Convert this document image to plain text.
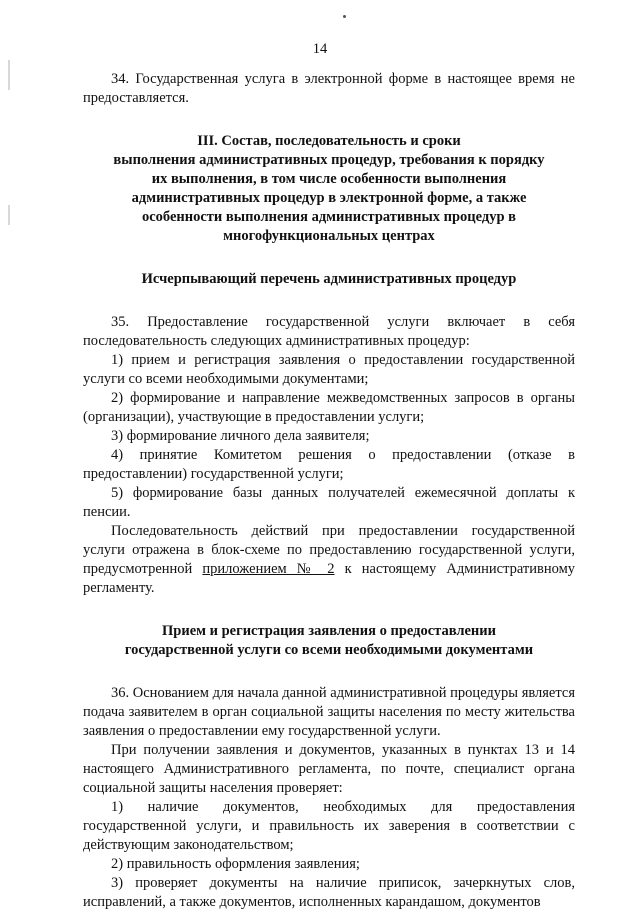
14

34. Государственная услуга в электронной форме в настоящее время не предоставляется.

III. Состав, последовательность и сроки

выполнения административных процедур, требования к порядку

их выполнения, в том числе особенности выполнения

административных процедур в электронной форме, а также

особенности выполнения административных процедур в

многофункциональных центрах

Исчерпывающий перечень административных процедур

35. Предоставление государственной услуги включает в себя последовательность следующих административных процедур:

1) прием и регистрация заявления о предоставлении государственной услуги со всеми необходимыми документами;

2) формирование и направление межведомственных запросов в органы (организации), участвующие в предоставлении услуги;

3) формирование личного дела заявителя;

4) принятие Комитетом решения о предоставлении (отказе в предоставлении) государственной услуги;

5) формирование базы данных получателей ежемесячной доплаты к пенсии.

Последовательность действий при предоставлении государственной услуги отражена в блок-схеме по предоставлению государственной услуги, предусмотренной приложением № 2 к настоящему Административному регламенту.

Прием и регистрация заявления о предоставлении

государственной услуги со всеми необходимыми документами

36. Основанием для начала данной административной процедуры является подача заявителем в орган социальной защиты населения по месту жительства заявления о предоставлении ему государственной услуги.

При получении заявления и документов, указанных в пунктах 13 и 14 настоящего Административного регламента, по почте, специалист органа социальной защиты населения проверяет:

1) наличие документов, необходимых для предоставления государственной услуги, и правильность их заверения в соответствии с действующим законодательством;

2) правильность оформления заявления;

3) проверяет документы на наличие приписок, зачеркнутых слов, исправлений, а также документов, исполненных карандашом, документов
